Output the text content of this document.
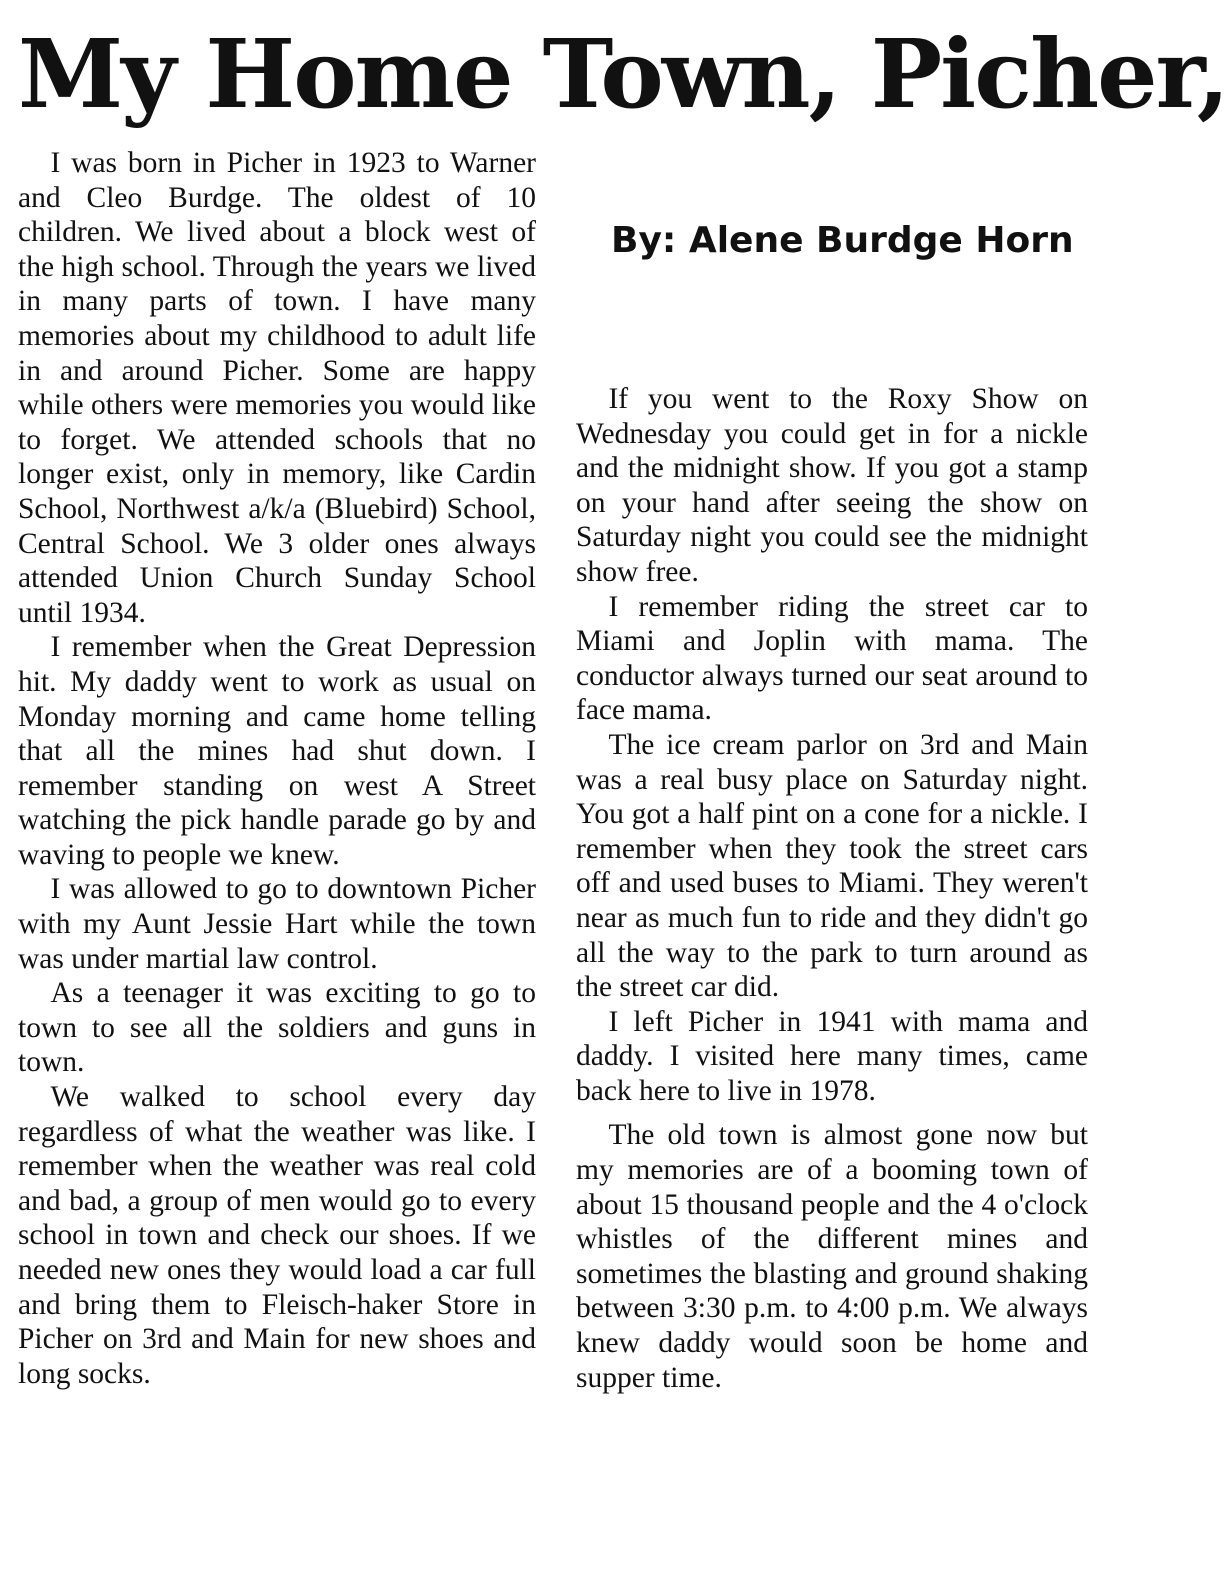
My Home Town, Picher,

I was born in Picher in 1923 to Warner and Cleo Burdge. The oldest of 10 children. We lived about a block west of the high school. Through the years we lived in many parts of town. I have many memories about my childhood to adult life in and around Picher. Some are happy while others were memories you would like to forget. We attended schools that no longer exist, only in memory, like Cardin School, Northwest a/k/a (Bluebird) School, Central School. We 3 older ones always attended Union Church Sunday School until 1934.

I remember when the Great Depression hit. My daddy went to work as usual on Monday morning and came home telling that all the mines had shut down. I remember standing on west A Street watching the pick handle parade go by and waving to people we knew.

I was allowed to go to downtown Picher with my Aunt Jessie Hart while the town was under martial law control.

As a teenager it was exciting to go to town to see all the soldiers and guns in town.

We walked to school every day regardless of what the weather was like. I remember when the weather was real cold and bad, a group of men would go to every school in town and check our shoes. If we needed new ones they would load a car full and bring them to Fleisch-haker Store in Picher on 3rd and Main for new shoes and long socks.

By: Alene Burdge Horn

If you went to the Roxy Show on Wednesday you could get in for a nickle and the midnight show. If you got a stamp on your hand after seeing the show on Saturday night you could see the midnight show free.

I remember riding the street car to Miami and Joplin with mama. The conductor always turned our seat around to face mama.

The ice cream parlor on 3rd and Main was a real busy place on Saturday night. You got a half pint on a cone for a nickle. I remember when they took the street cars off and used buses to Miami. They weren't near as much fun to ride and they didn't go all the way to the park to turn around as the street car did.

I left Picher in 1941 with mama and daddy. I visited here many times, came back here to live in 1978.

The old town is almost gone now but my memories are of a booming town of about 15 thousand people and the 4 o'clock whistles of the different mines and sometimes the blasting and ground shaking between 3:30 p.m. to 4:00 p.m. We always knew daddy would soon be home and supper time.
